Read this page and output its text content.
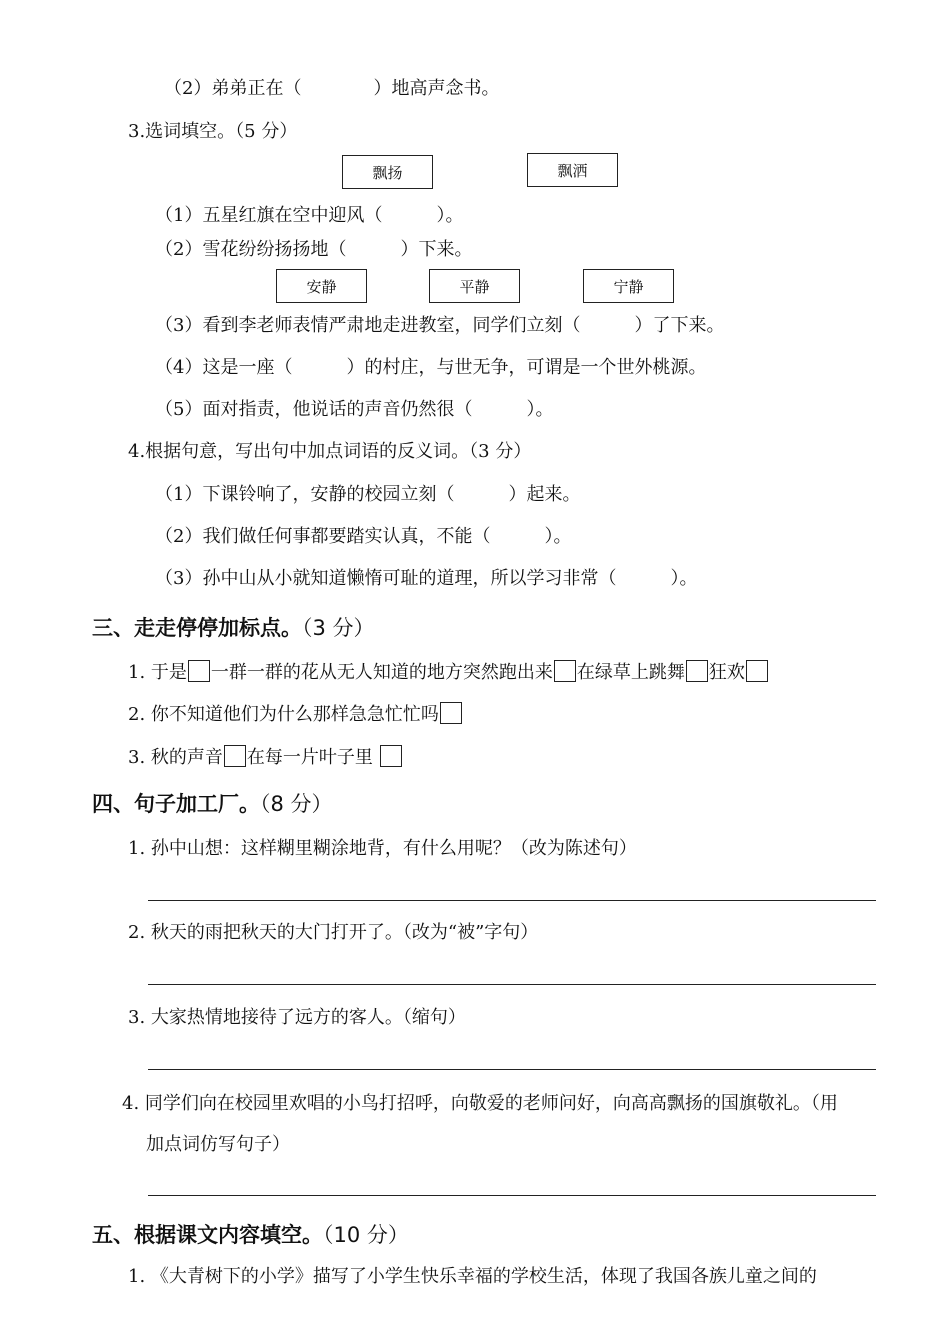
（2）弟弟正在（　　　　）地高声念书。
3.选词填空。（5 分）
飘扬	飘洒
（1）五星红旗在空中迎风（　　　）。
（2）雪花纷纷扬扬地（　　　）下来。
安静	平静	宁静
（3）看到李老师表情严肃地走进教室，同学们立刻（　　　）了下来。
（4）这是一座（　　　）的村庄，与世无争，可谓是一个世外桃源。
（5）面对指责，他说话的声音仍然很（　　　）。
4.根据句意，写出句中加点词语的反义词。（3 分）
（1）下课铃响了，安静的校园立刻（　　　）起来。
（2）我们做任何事都要踏实认真，不能（　　　）。
（3）孙中山从小就知道懒惰可耻的道理，所以学习非常（　　　）。
三、走走停停加标点。（3 分）
1. 于是 一群一群的花从无人知道的地方突然跑出来 在绿草上跳舞 狂欢
2. 你不知道他们为什么那样急急忙忙吗
3. 秋的声音 在每一片叶子里
四、句子加工厂。（8 分）
1. 孙中山想：这样糊里糊涂地背，有什么用呢？（改为陈述句）
2. 秋天的雨把秋天的大门打开了。（改为“被”字句）
3. 大家热情地接待了远方的客人。（缩句）
4. 同学们向在校园里欢唱的小鸟打招呼，向敬爱的老师问好，向高高飘扬的国旗敬礼。（用
加点词仿写句子）
五、根据课文内容填空。（10 分）
1. 《大青树下的小学》描写了小学生快乐幸福的学校生活，体现了我国各族儿童之间的
